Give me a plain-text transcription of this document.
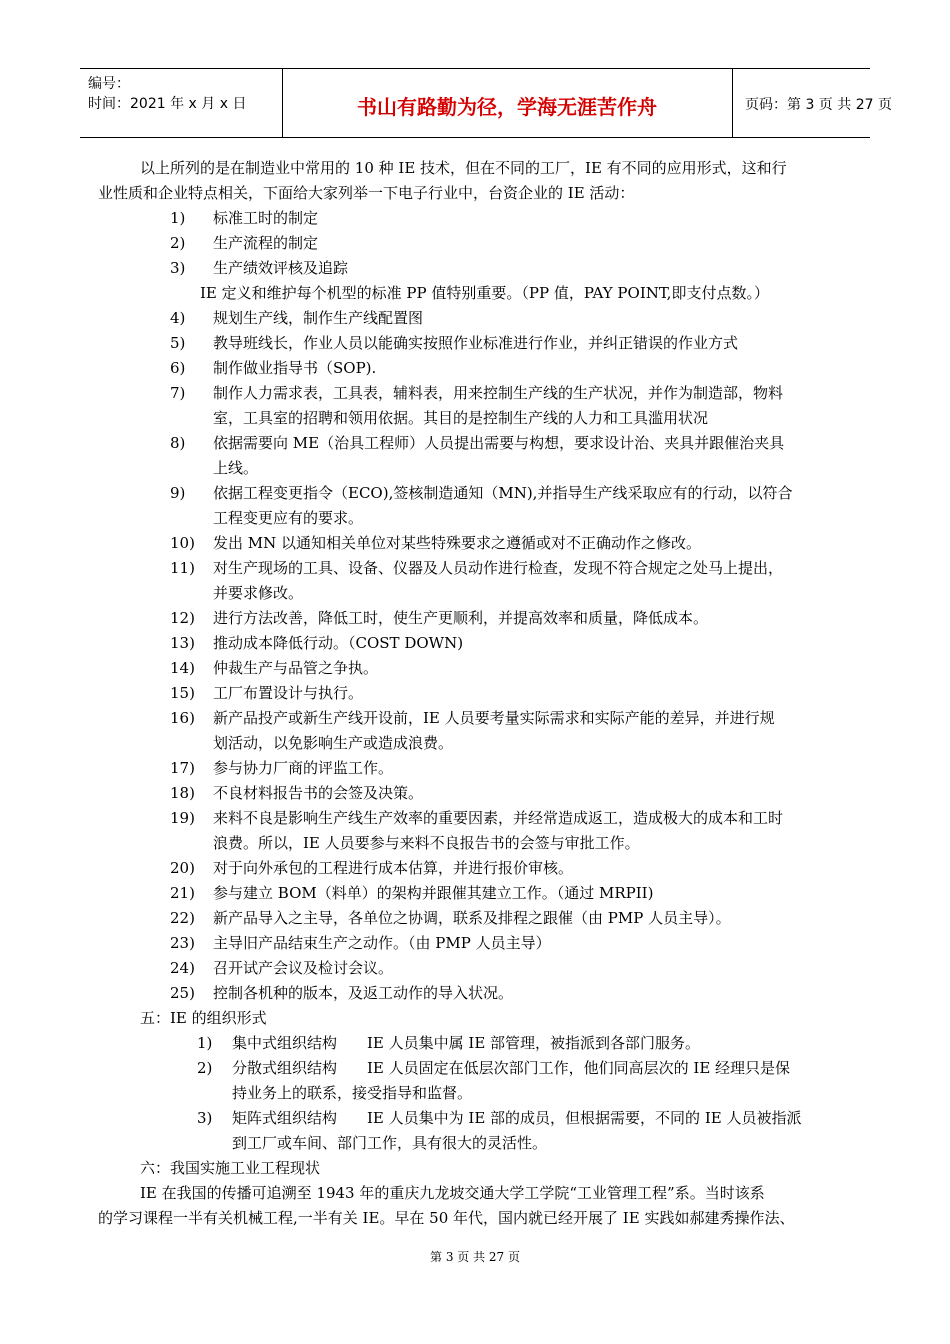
编号：
时间：2021 年 x 月 x 日	书山有路勤为径，学海无涯苦作舟	页码：第 3 页 共 27 页
以上所列的是在制造业中常用的 10 种 IE 技术，但在不同的工厂，IE 有不同的应用形式，这和行
业性质和企业特点相关，下面给大家列举一下电子行业中，台资企业的 IE 活动：
1) 标准工时的制定
2) 生产流程的制定
3) 生产绩效评核及追踪
IE 定义和维护每个机型的标准 PP 值特别重要。（PP 值，PAY POINT,即支付点数。）
4) 规划生产线，制作生产线配置图
5) 教导班线长，作业人员以能确实按照作业标准进行作业，并纠正错误的作业方式
6) 制作做业指导书（SOP).
7) 制作人力需求表，工具表，辅料表，用来控制生产线的生产状况，并作为制造部，物料
室，工具室的招聘和领用依据。其目的是控制生产线的人力和工具滥用状况
8) 依据需要向 ME（治具工程师）人员提出需要与构想，要求设计治、夹具并跟催治夹具
上线。
9) 依据工程变更指令（ECO),签核制造通知（MN),并指导生产线采取应有的行动，以符合
工程变更应有的要求。
10) 发出 MN 以通知相关单位对某些特殊要求之遵循或对不正确动作之修改。
11) 对生产现场的工具、设备、仪器及人员动作进行检查，发现不符合规定之处马上提出，
并要求修改。
12) 进行方法改善，降低工时，使生产更顺利，并提高效率和质量，降低成本。
13) 推动成本降低行动。（COST DOWN)
14) 仲裁生产与品管之争执。
15) 工厂布置设计与执行。
16) 新产品投产或新生产线开设前，IE 人员要考量实际需求和实际产能的差异，并进行规
划活动，以免影响生产或造成浪费。
17) 参与协力厂商的评监工作。
18) 不良材料报告书的会签及决策。
19) 来料不良是影响生产线生产效率的重要因素，并经常造成返工，造成极大的成本和工时
浪费。所以，IE 人员要参与来料不良报告书的会签与审批工作。
20) 对于向外承包的工程进行成本估算，并进行报价审核。
21) 参与建立 BOM（料单）的架构并跟催其建立工作。（通过 MRPII)
22) 新产品导入之主导，各单位之协调，联系及排程之跟催（由 PMP 人员主导）。
23) 主导旧产品结束生产之动作。（由 PMP 人员主导）
24) 召开试产会议及检讨会议。
25) 控制各机种的版本，及返工动作的导入状况。
五：IE 的组织形式
1) 集中式组织结构　　IE 人员集中属 IE 部管理，被指派到各部门服务。
2) 分散式组织结构　　IE 人员固定在低层次部门工作，他们同高层次的 IE 经理只是保
持业务上的联系，接受指导和监督。
3) 矩阵式组织结构　　IE 人员集中为 IE 部的成员，但根据需要，不同的 IE 人员被指派
到工厂或车间、部门工作，具有很大的灵活性。
六：我国实施工业工程现状
IE 在我国的传播可追溯至 1943 年的重庆九龙坡交通大学工学院“工业管理工程”系。当时该系
的学习课程一半有关机械工程,一半有关 IE。早在 50 年代，国内就已经开展了 IE 实践如郝建秀操作法、
第 3 页 共 27 页
